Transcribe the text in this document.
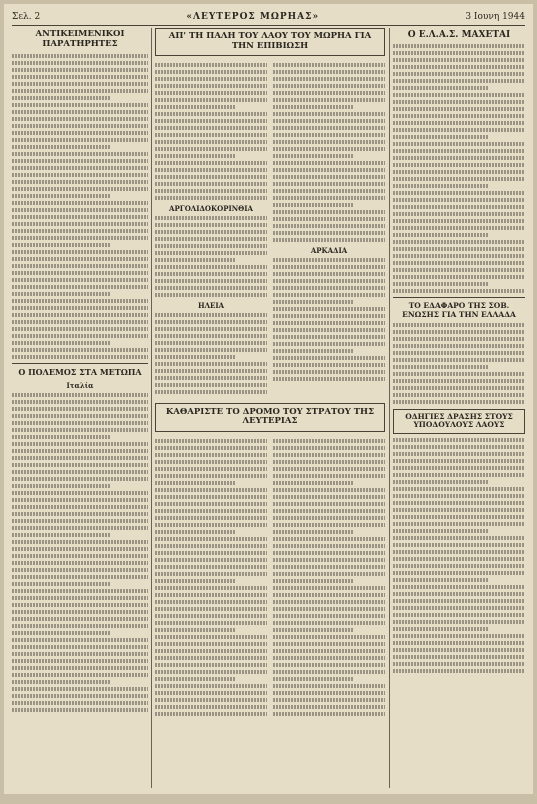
Σελ. 2	«ΛΕΥΤΕΡΟΣ ΜΩΡΗΑΣ»	3 Ιουνη 1944
ΑΝΤΙΚΕΙΜΕΝΙΚΟΙ ΠΑΡΑΤΗΡΗΤΕΣ
Ο ΠΟΛΕΜΟΣ ΣΤΑ ΜΕΤΩΠΑ
Ιταλία
ΑΠ' ΤΗ ΠΑΛΗ ΤΟΥ ΛΑΟΥ ΤΟΥ ΜΩΡΗΑ ΓΙΑ ΤΗΝ ΕΠΙΒΙΩΣΗ
ΑΡΓΟΛΙΔΟΚΟΡΙΝΘΙΑ
ΗΛΕΙΑ
ΑΡΚΑΔΙΑ
ΚΑΘΑΡΙΣΤΕ ΤΟ ΔΡΟΜΟ ΤΟΥ ΣΤΡΑΤΟΥ ΤΗΣ ΛΕΥΤΕΡΙΑΣ
Ο Ε.Λ.Α.Σ. ΜΑΧΕΤΑΙ
ΤΟ ΕΔΑΦΑΡΟ ΤΗΣ ΣΟΒ. ΕΝΩΣΗΣ ΓΙΑ ΤΗΝ ΕΛΛΑΔΑ
ΟΔΗΓΙΕΣ ΔΡΑΣΗΣ ΣΤΟΥΣ ΥΠΟΔΟΥΛΟΥΣ ΛΑΟΥΣ
